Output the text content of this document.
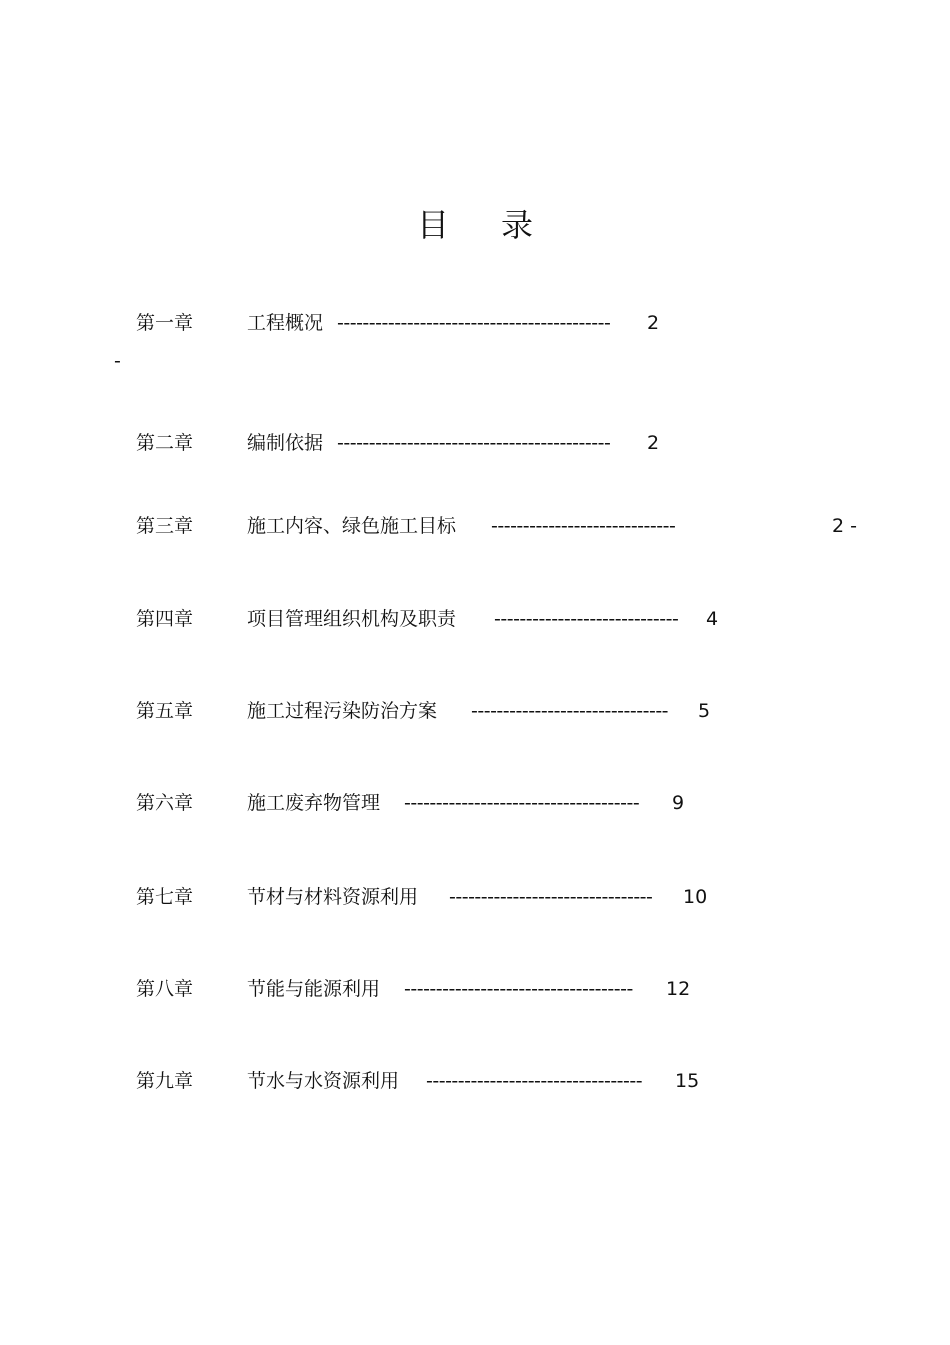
目 录
第一章	工程概况 ------------------------------------------- 2
-
第二章	编制依据 ------------------------------------------- 2
第三章	施工内容、绿色施工目标 -----------------------------	2 -
第四章	项目管理组织机构及职责 ----------------------------- 4
第五章	施工过程污染防治方案 ------------------------------- 5
第六章	施工废弃物管理 ------------------------------------- 9
第七章	节材与材料资源利用 -------------------------------- 10
第八章	节能与能源利用 ------------------------------------ 12
第九章	节水与水资源利用 ---------------------------------- 15
